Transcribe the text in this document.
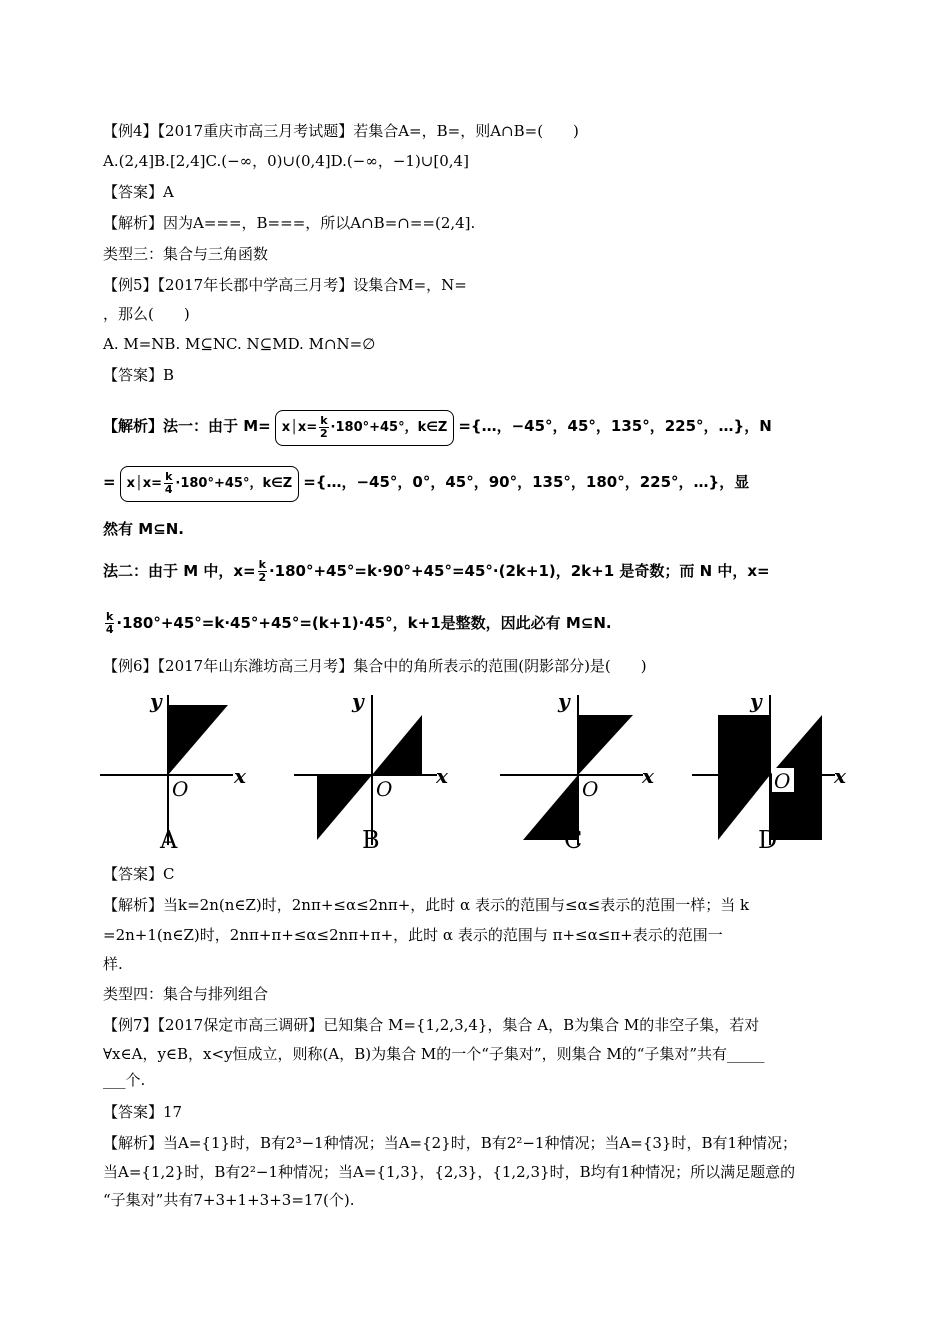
【例4】【2017重庆市高三月考试题】若集合A=，B=，则A∩B=(　　)
A.(2,4]B.[2,4]C.(−∞，0)∪(0,4]D.(−∞，−1)∪[0,4]
【答案】A
【解析】因为A===，B===，所以A∩B=∩==(2,4].
类型三：集合与三角函数
【例5】【2017年长郡中学高三月考】设集合M=，N=
，那么(　　)
A. M=NB. M⊆NC. N⊆MD. M∩N=∅
【答案】B
【解析】法一：由于 M= x│x= $\frac{k}{2} \cdot 180^\circ+45^\circ$，k∈Z ={…，−45°，45°，135°，225°，…}，N
= x│x= $\frac{k}{4} \cdot 180^\circ+45^\circ$，k∈Z ={…，−45°，0°，45°，90°，135°，180°，225°，…}，显
然有 M⊆N.
法二：由于 M 中，$x= \frac{k}{2} \cdot 180^\circ+45^\circ=k\cdot 90^\circ+45^\circ=45^\circ\cdot(2k+1)$，2k+1 是奇数；而 N 中，x=
$\frac{k}{4} \cdot 180^\circ+45^\circ=k\cdot 45^\circ+45^\circ=(k+1)\cdot 45^\circ$，k+1是整数，因此必有 M⊆N.
【例6】【2017年山东潍坊高三月考】集合中的角所表示的范围(阴影部分)是(　　)
y
x
O
A
y
x
O
B
y
x
O
C
y
x
O
D
【答案】C
【解析】当k=2n(n∈Z)时，2nπ+≤α≤2nπ+，此时 α 表示的范围与≤α≤表示的范围一样；当 k
=2n+1(n∈Z)时，2nπ+π+≤α≤2nπ+π+，此时 α 表示的范围与 π+≤α≤π+表示的范围一
样.
类型四：集合与排列组合
【例7】【2017保定市高三调研】已知集合 M={1,2,3,4}，集合 A，B为集合 M的非空子集，若对
∀x∈A，y∈B，x<y恒成立，则称(A，B)为集合 M的一个“子集对”，则集合 M的“子集对”共有_____
___个.
【答案】17
【解析】当A={1}时，B有2³−1种情况；当A={2}时，B有2²−1种情况；当A={3}时，B有1种情况；
当A={1,2}时，B有2²−1种情况；当A={1,3}，{2,3}，{1,2,3}时，B均有1种情况；所以满足题意的
“子集对”共有7+3+1+3+3=17(个).
